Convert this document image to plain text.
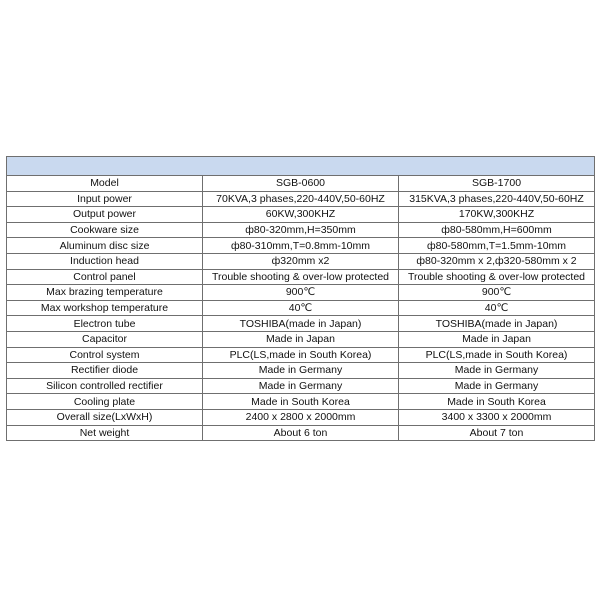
Model	SGB-0600	SGB-1700
Input power	70KVA,3 phases,220-440V,50-60HZ	315KVA,3 phases,220-440V,50-60HZ
Output power	60KW,300KHZ	170KW,300KHZ
Cookware size	ф80-320mm,H=350mm	ф80-580mm,H=600mm
Aluminum disc size	ф80-310mm,T=0.8mm-10mm	ф80-580mm,T=1.5mm-10mm
Induction head	ф320mm x2	ф80-320mm x 2,ф320-580mm x 2
Control panel	Trouble shooting & over-low protected	Trouble shooting & over-low protected
Max brazing temperature	900℃	900℃
Max workshop temperature	40℃	40℃
Electron tube	TOSHIBA(made in Japan)	TOSHIBA(made in Japan)
Capacitor	Made in Japan	Made in Japan
Control system	PLC(LS,made in South Korea)	PLC(LS,made in South Korea)
Rectifier diode	Made in Germany	Made in Germany
Silicon controlled rectifier	Made in Germany	Made in Germany
Cooling plate	Made in South Korea	Made in South Korea
Overall size(LxWxH)	2400 x 2800 x 2000mm	3400 x 3300 x 2000mm
Net weight	About 6 ton	About 7 ton
